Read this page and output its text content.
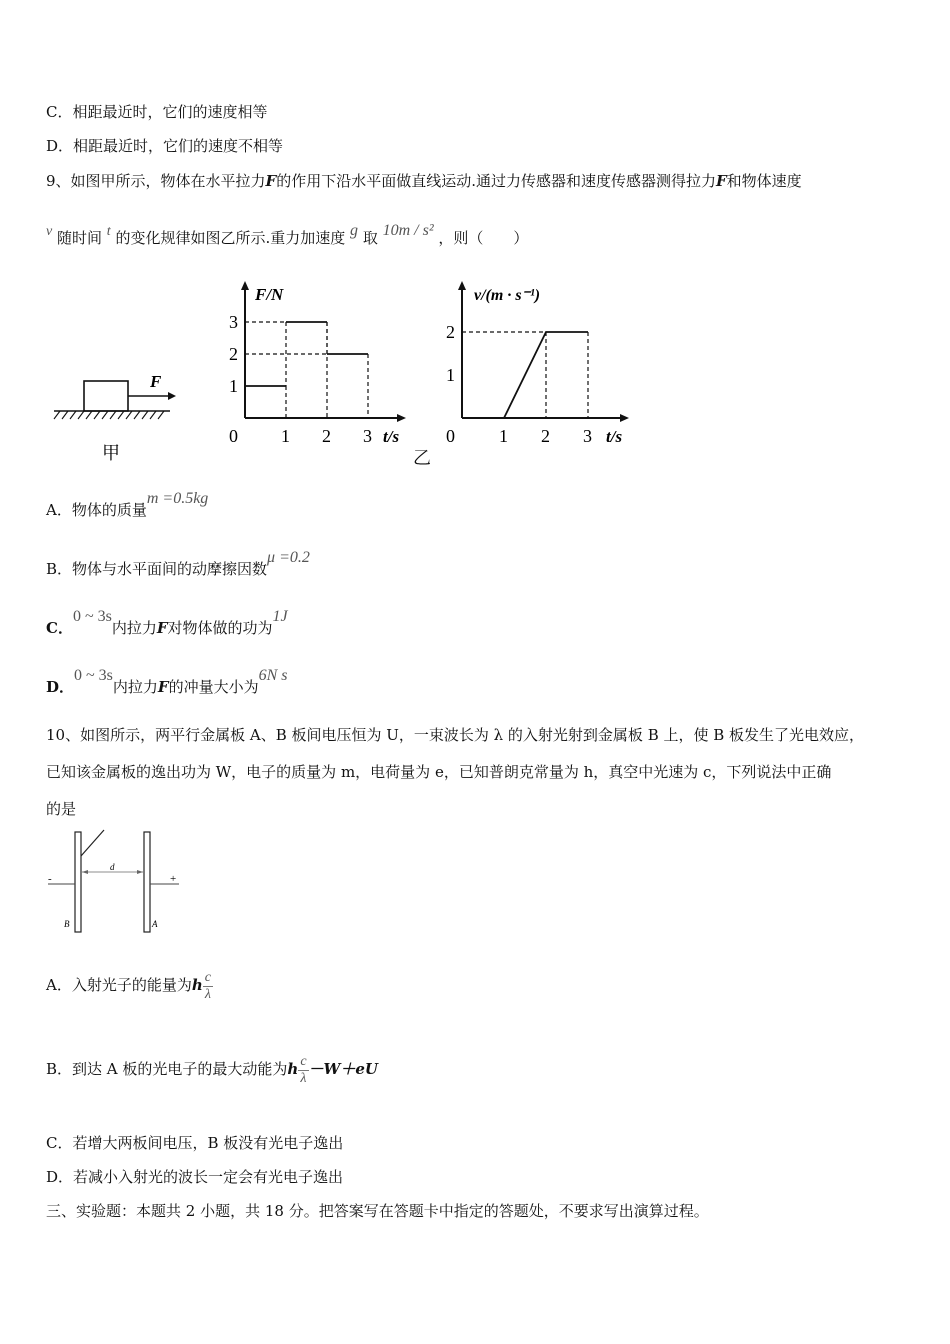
C．相距最近时，它们的速度相等
D．相距最近时，它们的速度不相等
9、如图甲所示，物体在水平拉力F的作用下沿水平面做直线运动.通过力传感器和速度传感器测得拉力F和物体速度
v 随时间 t 的变化规律如图乙所示.重力加速度 g 取 10m / s² ，则（　　）
F
甲
0 1 2 3
1
2
3
F/N
t/s
乙
0 1 2 3
1
2
v/(m · s⁻¹)
t/s
A．物体的质量m =0.5kg
B．物体与水平面间的动摩擦因数μ =0.2
C．0 ~ 3s内拉力F对物体做的功为1J
D．0 ~ 3s内拉力F的冲量大小为6N s
10、如图所示，两平行金属板 A、B 板间电压恒为 U，一束波长为 λ 的入射光射到金属板 B 上，使 B 板发生了光电效应，
已知该金属板的逸出功为 W，电子的质量为 m，电荷量为 e，已知普朗克常量为 h，真空中光速为 c，下列说法中正确
的是
-	+
d
B	A
A．入射光子的能量为h $\frac{c}{\lambda}$
B．到达 A 板的光电子的最大动能为h $\frac{c}{\lambda} -W+eU$
C．若增大两板间电压，B 板没有光电子逸出
D．若减小入射光的波长一定会有光电子逸出
三、实验题：本题共 2 小题，共 18 分。把答案写在答题卡中指定的答题处，不要求写出演算过程。
